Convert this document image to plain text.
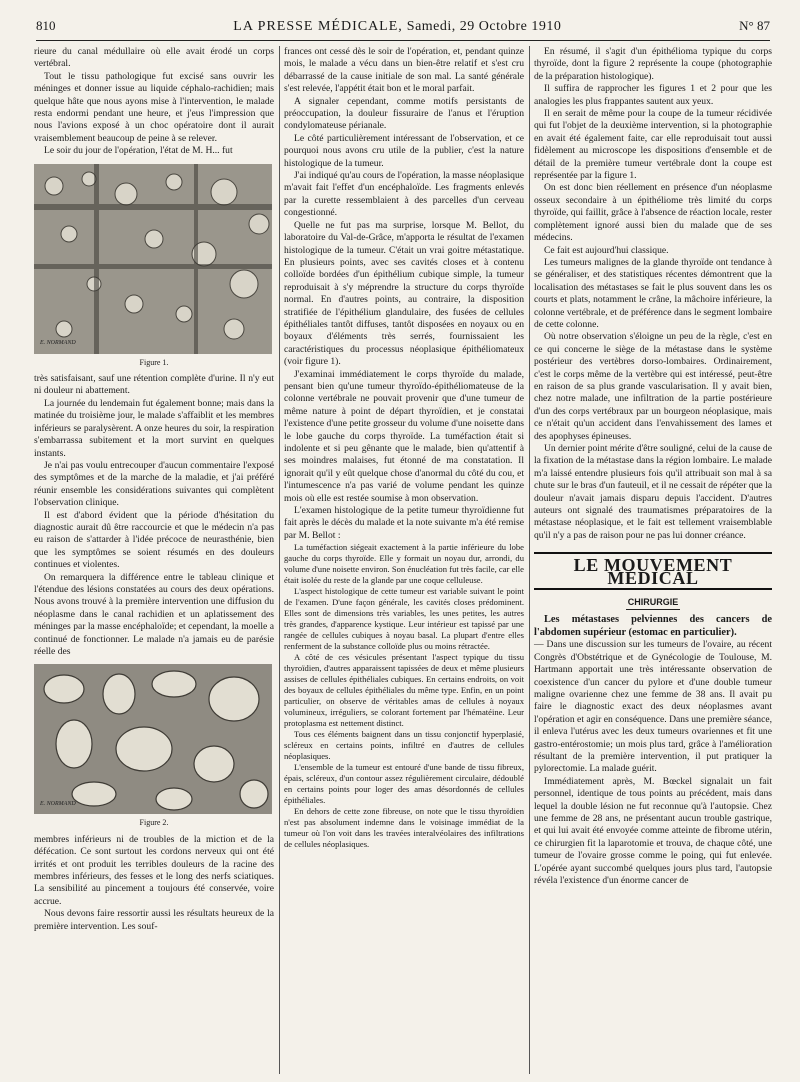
810	LA PRESSE MÉDICALE, Samedi, 29 Octobre 1910	N° 87

rieure du canal médullaire où elle avait érodé un corps vertébral.

Tout le tissu pathologique fut excisé sans ouvrir les méninges et donner issue au liquide céphalo-rachidien; mais quelque hâte que nous ayons mise à l'intervention, le malade resta endormi pendant une heure, et j'eus l'impression que nous l'avions exposé à un choc opératoire dont il aurait vraisemblement beaucoup de peine à se relever.

Le soir du jour de l'opération, l'état de M. H... fut

E. NORMAND
Figure 1.

très satisfaisant, sauf une rétention complète d'urine. Il n'y eut ni douleur ni abattement.

La journée du lendemain fut également bonne; mais dans la matinée du troisième jour, le malade s'affaiblit et les membres inférieurs se paralysèrent. A onze heures du soir, la respiration s'embarrassa subitement et la mort survint en quelques instants.

Je n'ai pas voulu entrecouper d'aucun commentaire l'exposé des symptômes et de la marche de la maladie, et j'ai préféré réunir ensemble les considérations suivantes qui complètent l'observation clinique.

Il est d'abord évident que la période d'hésitation du diagnostic aurait dû être raccourcie et que le médecin n'a pas eu raison de s'attarder à l'idée précoce de neurasthénie, bien que les symptômes se soient résumés en des douleurs continues et violentes.

On remarquera la différence entre le tableau clinique et l'étendue des lésions constatées au cours des deux opérations. Nous avons trouvé à la première intervention une diffusion du néoplasme dans le canal rachidien et un aplatissement des méninges par la masse encéphaloïde; et cependant, la moelle a continué de fonctionner. Le malade n'a jamais eu de parésie réelle des

E. NORMAND
Figure 2.

membres inférieurs ni de troubles de la miction et de la défécation. Ce sont surtout les cordons nerveux qui ont été irrités et ont produit les terribles douleurs de la racine des membres inférieurs, des fesses et le long des nerfs sciatiques. La sensibilité au pincement a toujours été conservée, voire accrue.

Nous devons faire ressortir aussi les résultats heureux de la première intervention. Les souf-

frances ont cessé dès le soir de l'opération, et, pendant quinze mois, le malade a vécu dans un bien-être relatif et s'est cru débarrassé de la cause initiale de son mal. La santé générale s'est relevée, l'appétit était bon et le moral parfait.

A signaler cependant, comme motifs persistants de préoccupation, la douleur fissuraire de l'anus et l'éruption condylomateuse périanale.

Le côté particulièrement intéressant de l'observation, et ce pourquoi nous avons cru utile de la publier, c'est la nature histologique de la tumeur.

J'ai indiqué qu'au cours de l'opération, la masse néoplasique m'avait fait l'effet d'un encéphaloïde. Les fragments enlevés par la curette ressemblaient à des parcelles d'un cerveau congestionné.

Quelle ne fut pas ma surprise, lorsque M. Bellot, du laboratoire du Val-de-Grâce, m'apporta le résultat de l'examen histologique de la tumeur. C'était un vrai goitre métastatique. En plusieurs points, avec ses cavités closes et à contenu colloïde bordées d'un épithélium cubique simple, la tumeur reproduisait à s'y méprendre la structure du corps thyroïde normal. En d'autres points, au contraire, la disposition stratifiée de l'épithélium glandulaire, des fusées de cellules épithéliales tantôt diffuses, tantôt disposées en noyaux ou en boyaux d'éléments très serrés, fournissaient les caractéristiques du processus néoplasique épithéliomateux (voir figure 1).

J'examinai immédiatement le corps thyroïde du malade, pensant bien qu'une tumeur thyroïdo-épithéliomateuse de la colonne vertébrale ne pouvait provenir que d'une tumeur de même nature à point de départ thyroïdien, et je constatai l'existence d'une petite grosseur du volume d'une noisette dans le lobe gauche du corps thyroïde. La tuméfaction était si indolente et si peu gênante que le malade, bien qu'attentif à ses moindres malaises, fut étonné de ma constatation. Il ignorait qu'il y eût quelque chose d'anormal du côté du cou, et l'intumescence n'a pas varié de volume pendant les quinze mois où elle est restée soumise à mon observation.

L'examen histologique de la petite tumeur thyroïdienne fut fait après le décès du malade et la note suivante m'a été remise par M. Bellot :

La tuméfaction siégeait exactement à la partie inférieure du lobe gauche du corps thyroïde. Elle y formait un noyau dur, arrondi, du volume d'une noisette environ. Son énucléation fut très facile, car elle était isolée du reste de la glande par une coque celluleuse.

L'aspect histologique de cette tumeur est variable suivant le point de l'examen. D'une façon générale, les cavités closes prédominent. Elles sont de dimensions très variables, les unes petites, les autres très grandes, d'apparence kystique. Leur intérieur est tapissé par une rangée de cellules cubiques à noyau basal. La plupart d'entre elles renferment de la substance colloïde plus ou moins rétractée.

A côté de ces vésicules présentant l'aspect typique du tissu thyroïdien, d'autres apparaissent tapissées de deux et même plusieurs assises de cellules épithéliales cubiques. En certains endroits, on voit des boyaux de cellules épithéliales du même type. Enfin, en un point particulier, on observe de véritables amas de cellules à noyaux volumineux, irréguliers, se colorant fortement par l'hématéine. Leur protoplasma est nettement distinct.

Tous ces éléments baignent dans un tissu conjonctif hyperplasié, scléreux en certains points, infiltré en d'autres de cellules néoplasiques.

L'ensemble de la tumeur est entouré d'une bande de tissu fibreux, épais, scléreux, d'un contour assez régulièrement circulaire, dédoublé en certains points pour loger des amas désordonnés de cellules épithéliales.

En dehors de cette zone fibreuse, on note que le tissu thyroïdien n'est pas absolument indemne dans le voisinage immédiat de la tumeur où l'on voit dans les travées interalvéolaires des infiltrations de cellules néoplasiques.

En résumé, il s'agit d'un épithélioma typique du corps thyroïde, dont la figure 2 représente la coupe (photographie de la préparation histologique).

Il suffira de rapprocher les figures 1 et 2 pour que les analogies les plus frappantes sautent aux yeux.

Il en serait de même pour la coupe de la tumeur récidivée qui fut l'objet de la deuxième intervention, si la photographie en avait été également faite, car elle reproduisait tout aussi fidèlement au microscope les dispositions d'ensemble et de détail de la première tumeur vertébrale dont la coupe est représentée par la figure 1.

On est donc bien réellement en présence d'un néoplasme osseux secondaire à un épithéliome très limité du corps thyroïde, qui faillit, grâce à l'absence de réaction locale, rester complètement ignoré aussi bien du malade que de ses médecins.

Ce fait est aujourd'hui classique.

Les tumeurs malignes de la glande thyroïde ont tendance à se généraliser, et des statistiques récentes démontrent que la localisation des métastases se fait le plus souvent dans les os courts et plats, notamment le crâne, la mâchoire inférieure, la colonne vertébrale, et de préférence dans le segment lombaire de cette colonne.

Où notre observation s'éloigne un peu de la règle, c'est en ce qui concerne le siège de la métastase dans le système postérieur des vertèbres dorso-lombaires. Ordinairement, c'est le corps même de la vertèbre qui est intéressé, peut-être en raison de sa plus grande vascularisation. Il y avait bien, chez notre malade, une infiltration de la partie postérieure d'un des corps vertébraux par un bourgeon néoplasique, mais ce n'était qu'un accident dans l'envahissement des lames et des apophyses épineuses.

Un dernier point mérite d'être souligné, celui de la cause de la fixation de la métastase dans la région lombaire. Le malade m'a laissé entendre plusieurs fois qu'il attribuait son mal à sa chute sur le bras d'un fauteuil, et il ne cessait de répéter que la douleur n'avait jamais disparu depuis l'accident. D'autres auteurs ont signalé des traumatismes préparatoires de la métastase néoplasique, et le fait est tellement vraisemblable qu'il n'y a pas de raison pour ne pas lui donner créance.

LE MOUVEMENT MÉDICAL
CHIRURGIE

Les métastases pelviennes des cancers de l'abdomen supérieur (estomac en particulier).

— Dans une discussion sur les tumeurs de l'ovaire, au récent Congrès d'Obstétrique et de Gynécologie de Toulouse, M. Hartmann apportait une très intéressante observation de coexistence d'un cancer du pylore et d'une double tumeur maligne ovarienne chez une femme de 38 ans. Il avait pu faire le diagnostic exact des deux néoplasmes avant l'opération et agir en conséquence. Dans une première séance, il enleva l'utérus avec les deux tumeurs ovariennes et fit une gastro-entérostomie; un mois plus tard, grâce à l'amélioration résultant de la première intervention, il put pratiquer la pylorectomie. La malade guérit.

Immédiatement après, M. Bœckel signalait un fait personnel, identique de tous points au précédent, mais dans lequel la double lésion ne fut reconnue qu'à l'autopsie. Chez une femme de 28 ans, ne présentant aucun trouble gastrique, et qui lui avait été envoyée comme atteinte de fibrome utérin, ce chirurgien fit la laparotomie et trouva, de chaque côté, une tumeur de l'ovaire grosse comme le poing, qui fut enlevée. L'opérée ayant succombé quelques jours plus tard, l'autopsie révéla l'existence d'un énorme cancer de
